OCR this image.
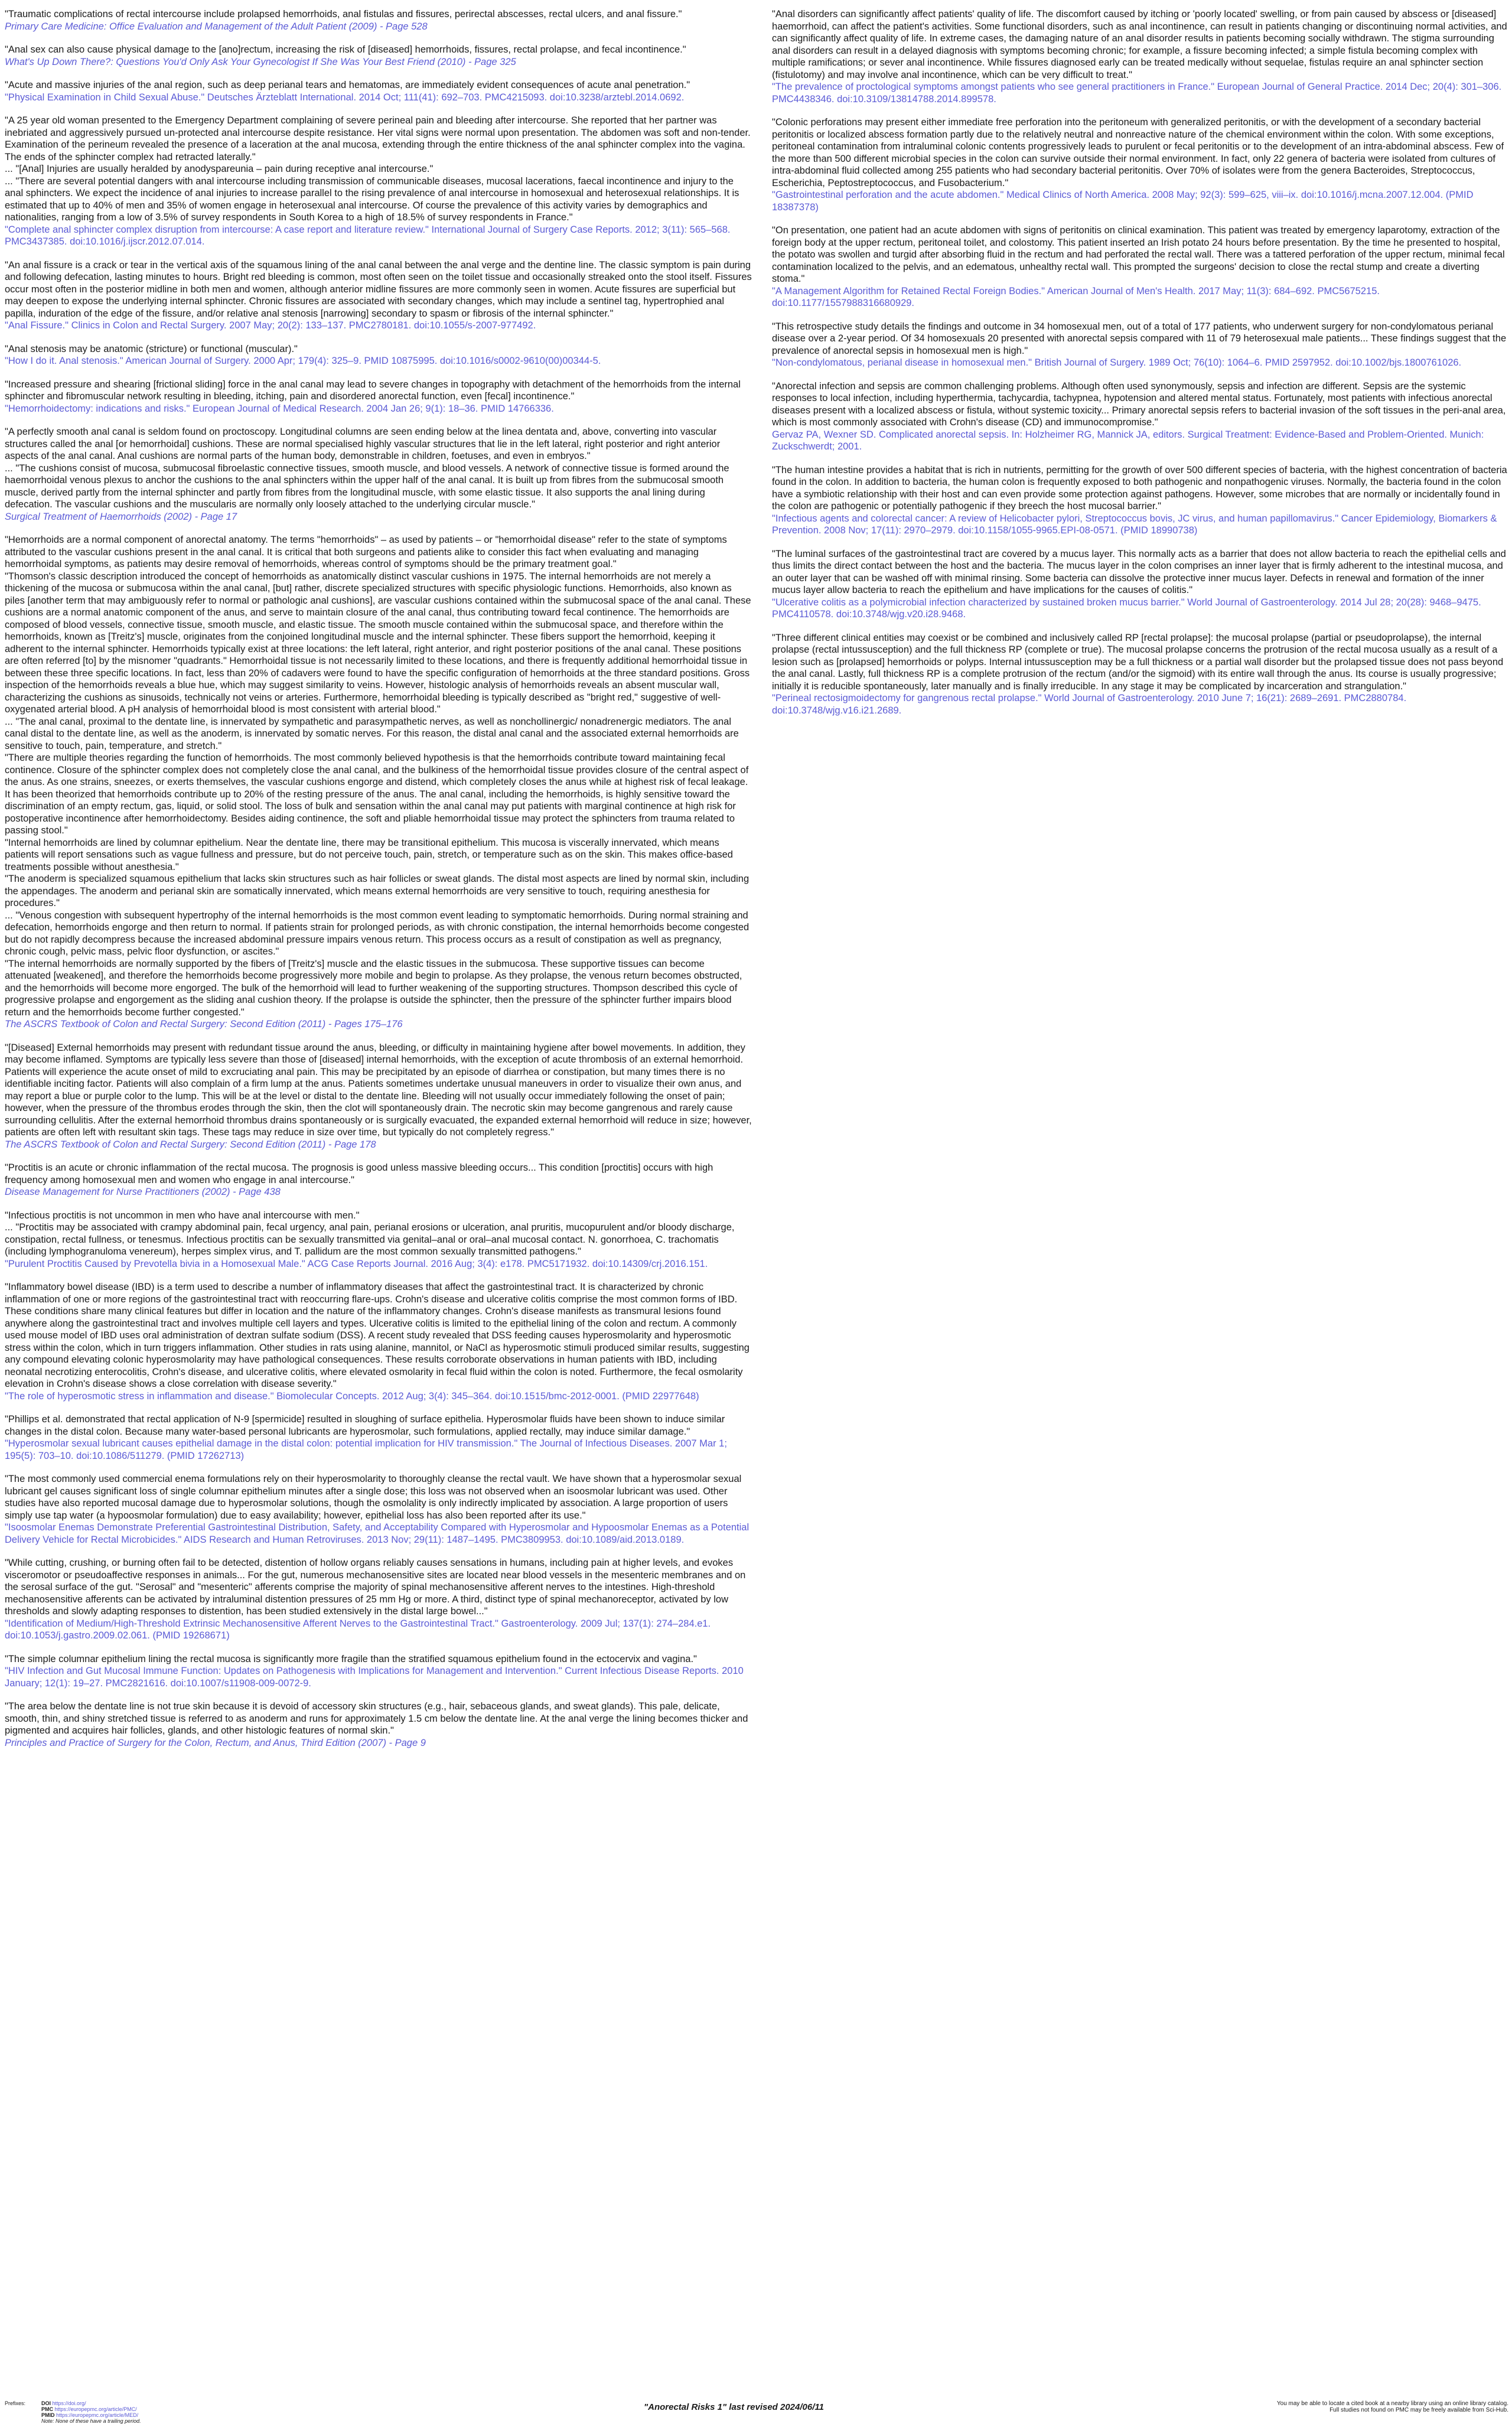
"Traumatic complications of rectal intercourse include prolapsed hemorrhoids, anal fistulas and fissures, perirectal abscesses, rectal ulcers, and anal fissure."

Primary Care Medicine: Office Evaluation and Management of the Adult Patient (2009) - Page 528

"Anal sex can also cause physical damage to the [ano]rectum, increasing the risk of [diseased] hemorrhoids, fissures, rectal prolapse, and fecal incontinence."

What's Up Down There?: Questions You'd Only Ask Your Gynecologist If She Was Your Best Friend (2010) - Page 325

"Acute and massive injuries of the anal region, such as deep perianal tears and hematomas, are immediately evident consequences of acute anal penetration."

"Physical Examination in Child Sexual Abuse." Deutsches Ärzteblatt International. 2014 Oct; 111(41): 692–703. PMC4215093. doi:10.3238/arztebl.2014.0692.

"A 25 year old woman presented to the Emergency Department complaining of severe perineal pain and bleeding after intercourse. She reported that her partner was inebriated and aggressively pursued un-protected anal intercourse despite resistance. Her vital signs were normal upon presentation. The abdomen was soft and non-tender. Examination of the perineum revealed the presence of a laceration at the anal mucosa, extending through the entire thickness of the anal sphincter complex into the vagina. The ends of the sphincter complex had retracted laterally."

... "[Anal] Injuries are usually heralded by anodyspareunia – pain during receptive anal intercourse."

... "There are several potential dangers with anal intercourse including transmission of communicable diseases, mucosal lacerations, faecal incontinence and injury to the anal sphincters. We expect the incidence of anal injuries to increase parallel to the rising prevalence of anal intercourse in homosexual and heterosexual relationships. It is estimated that up to 40% of men and 35% of women engage in heterosexual anal intercourse. Of course the prevalence of this activity varies by demographics and nationalities, ranging from a low of 3.5% of survey respondents in South Korea to a high of 18.5% of survey respondents in France."

"Complete anal sphincter complex disruption from intercourse: A case report and literature review." International Journal of Surgery Case Reports. 2012; 3(11): 565–568. PMC3437385. doi:10.1016/j.ijscr.2012.07.014.

"An anal fissure is a crack or tear in the vertical axis of the squamous lining of the anal canal between the anal verge and the dentine line. The classic symptom is pain during and following defecation, lasting minutes to hours. Bright red bleeding is common, most often seen on the toilet tissue and occasionally streaked onto the stool itself. Fissures occur most often in the posterior midline in both men and women, although anterior midline fissures are more commonly seen in women. Acute fissures are superficial but may deepen to expose the underlying internal sphincter. Chronic fissures are associated with secondary changes, which may include a sentinel tag, hypertrophied anal papilla, induration of the edge of the fissure, and/or relative anal stenosis [narrowing] secondary to spasm or fibrosis of the internal sphincter."

"Anal Fissure." Clinics in Colon and Rectal Surgery. 2007 May; 20(2): 133–137. PMC2780181. doi:10.1055/s-2007-977492.

"Anal stenosis may be anatomic (stricture) or functional (muscular)."

"How I do it. Anal stenosis." American Journal of Surgery. 2000 Apr; 179(4): 325–9. PMID 10875995. doi:10.1016/s0002-9610(00)00344-5.

"Increased pressure and shearing [frictional sliding] force in the anal canal may lead to severe changes in topography with detachment of the hemorrhoids from the internal sphincter and fibromuscular network resulting in bleeding, itching, pain and disordered anorectal function, even [fecal] incontinence."

"Hemorrhoidectomy: indications and risks." European Journal of Medical Research. 2004 Jan 26; 9(1): 18–36. PMID 14766336.

"A perfectly smooth anal canal is seldom found on proctoscopy. Longitudinal columns are seen ending below at the linea dentata and, above, converting into vascular structures called the anal [or hemorrhoidal] cushions. These are normal specialised highly vascular structures that lie in the left lateral, right posterior and right anterior aspects of the anal canal. Anal cushions are normal parts of the human body, demonstrable in children, foetuses, and even in embryos."

... "The cushions consist of mucosa, submucosal fibroelastic connective tissues, smooth muscle, and blood vessels. A network of connective tissue is formed around the haemorrhoidal venous plexus to anchor the cushions to the anal sphincters within the upper half of the anal canal. It is built up from fibres from the submucosal smooth muscle, derived partly from the internal sphincter and partly from fibres from the longitudinal muscle, with some elastic tissue. It also supports the anal lining during defecation. The vascular cushions and the muscularis are normally only loosely attached to the underlying circular muscle."

Surgical Treatment of Haemorrhoids (2002) - Page 17

"Hemorrhoids are a normal component of anorectal anatomy. The terms "hemorrhoids" – as used by patients – or "hemorrhoidal disease" refer to the state of symptoms attributed to the vascular cushions present in the anal canal. It is critical that both surgeons and patients alike to consider this fact when evaluating and managing hemorrhoidal symptoms, as patients may desire removal of hemorrhoids, whereas control of symptoms should be the primary treatment goal."

"Thomson's classic description introduced the concept of hemorrhoids as anatomically distinct vascular cushions in 1975. The internal hemorrhoids are not merely a thickening of the mucosa or submucosa within the anal canal, [but] rather, discrete specialized structures with specific physiologic functions. Hemorrhoids, also known as piles [another term that may ambiguously refer to normal or pathologic anal cushions], are vascular cushions contained within the submucosal space of the anal canal. These cushions are a normal anatomic component of the anus, and serve to maintain closure of the anal canal, thus contributing toward fecal continence. The hemorrhoids are composed of blood vessels, connective tissue, smooth muscle, and elastic tissue. The smooth muscle contained within the submucosal space, and therefore within the hemorrhoids, known as [Treitz's] muscle, originates from the conjoined longitudinal muscle and the internal sphincter. These fibers support the hemorrhoid, keeping it adherent to the internal sphincter. Hemorrhoids typically exist at three locations: the left lateral, right anterior, and right posterior positions of the anal canal. These positions are often referred [to] by the misnomer "quadrants." Hemorrhoidal tissue is not necessarily limited to these locations, and there is frequently additional hemorrhoidal tissue in between these three specific locations. In fact, less than 20% of cadavers were found to have the specific configuration of hemorrhoids at the three standard positions. Gross inspection of the hemorrhoids reveals a blue hue, which may suggest similarity to veins. However, histologic analysis of hemorrhoids reveals an absent muscular wall, characterizing the cushions as sinusoids, technically not veins or arteries. Furthermore, hemorrhoidal bleeding is typically described as "bright red," suggestive of well-oxygenated arterial blood. A pH analysis of hemorrhoidal blood is most consistent with arterial blood."

... "The anal canal, proximal to the dentate line, is innervated by sympathetic and parasympathetic nerves, as well as nonchollinergic/ nonadrenergic mediators. The anal canal distal to the dentate line, as well as the anoderm, is innervated by somatic nerves. For this reason, the distal anal canal and the associated external hemorrhoids are sensitive to touch, pain, temperature, and stretch."

"There are multiple theories regarding the function of hemorrhoids. The most commonly believed hypothesis is that the hemorrhoids contribute toward maintaining fecal continence. Closure of the sphincter complex does not completely close the anal canal, and the bulkiness of the hemorrhoidal tissue provides closure of the central aspect of the anus. As one strains, sneezes, or exerts themselves, the vascular cushions engorge and distend, which completely closes the anus while at highest risk of fecal leakage. It has been theorized that hemorrhoids contribute up to 20% of the resting pressure of the anus. The anal canal, including the hemorrhoids, is highly sensitive toward the discrimination of an empty rectum, gas, liquid, or solid stool. The loss of bulk and sensation within the anal canal may put patients with marginal continence at high risk for postoperative incontinence after hemorrhoidectomy. Besides aiding continence, the soft and pliable hemorrhoidal tissue may protect the sphincters from trauma related to passing stool."

"Internal hemorrhoids are lined by columnar epithelium. Near the dentate line, there may be transitional epithelium. This mucosa is viscerally innervated, which means patients will report sensations such as vague fullness and pressure, but do not perceive touch, pain, stretch, or temperature such as on the skin. This makes office-based treatments possible without anesthesia."

"The anoderm is specialized squamous epithelium that lacks skin structures such as hair follicles or sweat glands. The distal most aspects are lined by normal skin, including the appendages. The anoderm and perianal skin are somatically innervated, which means external hemorrhoids are very sensitive to touch, requiring anesthesia for procedures."

... "Venous congestion with subsequent hypertrophy of the internal hemorrhoids is the most common event leading to symptomatic hemorrhoids. During normal straining and defecation, hemorrhoids engorge and then return to normal. If patients strain for prolonged periods, as with chronic constipation, the internal hemorrhoids become congested but do not rapidly decompress because the increased abdominal pressure impairs venous return. This process occurs as a result of constipation as well as pregnancy, chronic cough, pelvic mass, pelvic floor dysfunction, or ascites."

"The internal hemorrhoids are normally supported by the fibers of [Treitz's] muscle and the elastic tissues in the submucosa. These supportive tissues can become attenuated [weakened], and therefore the hemorrhoids become progressively more mobile and begin to prolapse. As they prolapse, the venous return becomes obstructed, and the hemorrhoids will become more engorged. The bulk of the hemorrhoid will lead to further weakening of the supporting structures. Thompson described this cycle of progressive prolapse and engorgement as the sliding anal cushion theory. If the prolapse is outside the sphincter, then the pressure of the sphincter further impairs blood return and the hemorrhoids become further congested."

The ASCRS Textbook of Colon and Rectal Surgery: Second Edition (2011) - Pages 175–176

"[Diseased] External hemorrhoids may present with redundant tissue around the anus, bleeding, or difficulty in maintaining hygiene after bowel movements. In addition, they may become inflamed. Symptoms are typically less severe than those of [diseased] internal hemorrhoids, with the exception of acute thrombosis of an external hemorrhoid. Patients will experience the acute onset of mild to excruciating anal pain. This may be precipitated by an episode of diarrhea or constipation, but many times there is no identifiable inciting factor. Patients will also complain of a firm lump at the anus. Patients sometimes undertake unusual maneuvers in order to visualize their own anus, and may report a blue or purple color to the lump. This will be at the level or distal to the dentate line. Bleeding will not usually occur immediately following the onset of pain; however, when the pressure of the thrombus erodes through the skin, then the clot will spontaneously drain. The necrotic skin may become gangrenous and rarely cause surrounding cellulitis. After the external hemorrhoid thrombus drains spontaneously or is surgically evacuated, the expanded external hemorrhoid will reduce in size; however, patients are often left with resultant skin tags. These tags may reduce in size over time, but typically do not completely regress."

The ASCRS Textbook of Colon and Rectal Surgery: Second Edition (2011) - Page 178

"Proctitis is an acute or chronic inflammation of the rectal mucosa. The prognosis is good unless massive bleeding occurs... This condition [proctitis] occurs with high frequency among homosexual men and women who engage in anal intercourse."

Disease Management for Nurse Practitioners (2002) - Page 438

"Infectious proctitis is not uncommon in men who have anal intercourse with men."

... "Proctitis may be associated with crampy abdominal pain, fecal urgency, anal pain, perianal erosions or ulceration, anal pruritis, mucopurulent and/or bloody discharge, constipation, rectal fullness, or tenesmus. Infectious proctitis can be sexually transmitted via genital–anal or oral–anal mucosal contact. N. gonorrhoea, C. trachomatis (including lymphogranuloma venereum), herpes simplex virus, and T. pallidum are the most common sexually transmitted pathogens."

"Purulent Proctitis Caused by Prevotella bivia in a Homosexual Male." ACG Case Reports Journal. 2016 Aug; 3(4): e178. PMC5171932. doi:10.14309/crj.2016.151.

"Inflammatory bowel disease (IBD) is a term used to describe a number of inflammatory diseases that affect the gastrointestinal tract. It is characterized by chronic inflammation of one or more regions of the gastrointestinal tract with reoccurring flare-ups. Crohn's disease and ulcerative colitis comprise the most common forms of IBD. These conditions share many clinical features but differ in location and the nature of the inflammatory changes. Crohn's disease manifests as transmural lesions found anywhere along the gastrointestinal tract and involves multiple cell layers and types. Ulcerative colitis is limited to the epithelial lining of the colon and rectum. A commonly used mouse model of IBD uses oral administration of dextran sulfate sodium (DSS). A recent study revealed that DSS feeding causes hyperosmolarity and hyperosmotic stress within the colon, which in turn triggers inflammation. Other studies in rats using alanine, mannitol, or NaCl as hyperosmotic stimuli produced similar results, suggesting any compound elevating colonic hyperosmolarity may have pathological consequences. These results corroborate observations in human patients with IBD, including neonatal necrotizing enterocolitis, Crohn's disease, and ulcerative colitis, where elevated osmolarity in fecal fluid within the colon is noted. Furthermore, the fecal osmolarity elevation in Crohn's disease shows a close correlation with disease severity."

"The role of hyperosmotic stress in inflammation and disease." Biomolecular Concepts. 2012 Aug; 3(4): 345–364. doi:10.1515/bmc-2012-0001. (PMID 22977648)

"Phillips et al. demonstrated that rectal application of N-9 [spermicide] resulted in sloughing of surface epithelia. Hyperosmolar fluids have been shown to induce similar changes in the distal colon. Because many water-based personal lubricants are hyperosmolar, such formulations, applied rectally, may induce similar damage."

"Hyperosmolar sexual lubricant causes epithelial damage in the distal colon: potential implication for HIV transmission." The Journal of Infectious Diseases. 2007 Mar 1; 195(5): 703–10. doi:10.1086/511279. (PMID 17262713)

"The most commonly used commercial enema formulations rely on their hyperosmolarity to thoroughly cleanse the rectal vault. We have shown that a hyperosmolar sexual lubricant gel causes significant loss of single columnar epithelium minutes after a single dose; this loss was not observed when an isoosmolar lubricant was used. Other studies have also reported mucosal damage due to hyperosmolar solutions, though the osmolality is only indirectly implicated by association. A large proportion of users simply use tap water (a hypoosmolar formulation) due to easy availability; however, epithelial loss has also been reported after its use."

"Isoosmolar Enemas Demonstrate Preferential Gastrointestinal Distribution, Safety, and Acceptability Compared with Hyperosmolar and Hypoosmolar Enemas as a Potential Delivery Vehicle for Rectal Microbicides." AIDS Research and Human Retroviruses. 2013 Nov; 29(11): 1487–1495. PMC3809953. doi:10.1089/aid.2013.0189.

"While cutting, crushing, or burning often fail to be detected, distention of hollow organs reliably causes sensations in humans, including pain at higher levels, and evokes visceromotor or pseudoaffective responses in animals... For the gut, numerous mechanosensitive sites are located near blood vessels in the mesenteric membranes and on the serosal surface of the gut. "Serosal" and "mesenteric" afferents comprise the majority of spinal mechanosensitive afferent nerves to the intestines. High-threshold mechanosensitive afferents can be activated by intraluminal distention pressures of 25 mm Hg or more. A third, distinct type of spinal mechanoreceptor, activated by low thresholds and slowly adapting responses to distention, has been studied extensively in the distal large bowel..."

"Identification of Medium/High-Threshold Extrinsic Mechanosensitive Afferent Nerves to the Gastrointestinal Tract." Gastroenterology. 2009 Jul; 137(1): 274–284.e1. doi:10.1053/j.gastro.2009.02.061. (PMID 19268671)

"The simple columnar epithelium lining the rectal mucosa is significantly more fragile than the stratified squamous epithelium found in the ectocervix and vagina."

"HIV Infection and Gut Mucosal Immune Function: Updates on Pathogenesis with Implications for Management and Intervention." Current Infectious Disease Reports. 2010 January; 12(1): 19–27. PMC2821616. doi:10.1007/s11908-009-0072-9.

"The area below the dentate line is not true skin because it is devoid of accessory skin structures (e.g., hair, sebaceous glands, and sweat glands). This pale, delicate, smooth, thin, and shiny stretched tissue is referred to as anoderm and runs for approximately 1.5 cm below the dentate line. At the anal verge the lining becomes thicker and pigmented and acquires hair follicles, glands, and other histologic features of normal skin."

Principles and Practice of Surgery for the Colon, Rectum, and Anus, Third Edition (2007) - Page 9

"Anal disorders can significantly affect patients' quality of life. The discomfort caused by itching or 'poorly located' swelling, or from pain caused by abscess or [diseased] haemorrhoid, can affect the patient's activities. Some functional disorders, such as anal incontinence, can result in patients changing or discontinuing normal activities, and can significantly affect quality of life. In extreme cases, the damaging nature of an anal disorder results in patients becoming socially withdrawn. The stigma surrounding anal disorders can result in a delayed diagnosis with symptoms becoming chronic; for example, a fissure becoming infected; a simple fistula becoming complex with multiple ramifications; or sever anal incontinence. While fissures diagnosed early can be treated medically without sequelae, fistulas require an anal sphincter section (fistulotomy) and may involve anal incontinence, which can be very difficult to treat."

"The prevalence of proctological symptoms amongst patients who see general practitioners in France." European Journal of General Practice. 2014 Dec; 20(4): 301–306. PMC4438346. doi:10.3109/13814788.2014.899578.

"Colonic perforations may present either immediate free perforation into the peritoneum with generalized peritonitis, or with the development of a secondary bacterial peritonitis or localized abscess formation partly due to the relatively neutral and nonreactive nature of the chemical environment within the colon. With some exceptions, peritoneal contamination from intraluminal colonic contents progressively leads to purulent or fecal peritonitis or to the development of an intra-abdominal abscess. Few of the more than 500 different microbial species in the colon can survive outside their normal environment. In fact, only 22 genera of bacteria were isolated from cultures of intra-abdominal fluid collected among 255 patients who had secondary bacterial peritonitis. Over 70% of isolates were from the genera Bacteroides, Streptococcus, Escherichia, Peptostreptococcus, and Fusobacterium."

"Gastrointestinal perforation and the acute abdomen." Medical Clinics of North America. 2008 May; 92(3): 599–625, viii–ix. doi:10.1016/j.mcna.2007.12.004. (PMID 18387378)

"On presentation, one patient had an acute abdomen with signs of peritonitis on clinical examination. This patient was treated by emergency laparotomy, extraction of the foreign body at the upper rectum, peritoneal toilet, and colostomy. This patient inserted an Irish potato 24 hours before presentation. By the time he presented to hospital, the potato was swollen and turgid after absorbing fluid in the rectum and had perforated the rectal wall. There was a tattered perforation of the upper rectum, minimal fecal contamination localized to the pelvis, and an edematous, unhealthy rectal wall. This prompted the surgeons' decision to close the rectal stump and create a diverting stoma."

"A Management Algorithm for Retained Rectal Foreign Bodies." American Journal of Men's Health. 2017 May; 11(3): 684–692. PMC5675215. doi:10.1177/1557988316680929.

"This retrospective study details the findings and outcome in 34 homosexual men, out of a total of 177 patients, who underwent surgery for non-condylomatous perianal disease over a 2-year period. Of 34 homosexuals 20 presented with anorectal sepsis compared with 11 of 79 heterosexual male patients... These findings suggest that the prevalence of anorectal sepsis in homosexual men is high."

"Non-condylomatous, perianal disease in homosexual men." British Journal of Surgery. 1989 Oct; 76(10): 1064–6. PMID 2597952. doi:10.1002/bjs.1800761026.

"Anorectal infection and sepsis are common challenging problems. Although often used synonymously, sepsis and infection are different. Sepsis are the systemic responses to local infection, including hyperthermia, tachycardia, tachypnea, hypotension and altered mental status. Fortunately, most patients with infectious anorectal diseases present with a localized abscess or fistula, without systemic toxicity... Primary anorectal sepsis refers to bacterial invasion of the soft tissues in the peri-anal area, which is most commonly associated with Crohn's disease (CD) and immunocompromise."

Gervaz PA, Wexner SD. Complicated anorectal sepsis. In: Holzheimer RG, Mannick JA, editors. Surgical Treatment: Evidence-Based and Problem-Oriented. Munich: Zuckschwerdt; 2001.

"The human intestine provides a habitat that is rich in nutrients, permitting for the growth of over 500 different species of bacteria, with the highest concentration of bacteria found in the colon. In addition to bacteria, the human colon is frequently exposed to both pathogenic and nonpathogenic viruses. Normally, the bacteria found in the colon have a symbiotic relationship with their host and can even provide some protection against pathogens. However, some microbes that are normally or incidentally found in the colon are pathogenic or potentially pathogenic if they breech the host mucosal barrier."

"Infectious agents and colorectal cancer: A review of Helicobacter pylori, Streptococcus bovis, JC virus, and human papillomavirus." Cancer Epidemiology, Biomarkers & Prevention. 2008 Nov; 17(11): 2970–2979. doi:10.1158/1055-9965.EPI-08-0571. (PMID 18990738)

"The luminal surfaces of the gastrointestinal tract are covered by a mucus layer. This normally acts as a barrier that does not allow bacteria to reach the epithelial cells and thus limits the direct contact between the host and the bacteria. The mucus layer in the colon comprises an inner layer that is firmly adherent to the intestinal mucosa, and an outer layer that can be washed off with minimal rinsing. Some bacteria can dissolve the protective inner mucus layer. Defects in renewal and formation of the inner mucus layer allow bacteria to reach the epithelium and have implications for the causes of colitis."

"Ulcerative colitis as a polymicrobial infection characterized by sustained broken mucus barrier." World Journal of Gastroenterology. 2014 Jul 28; 20(28): 9468–9475. PMC4110578. doi:10.3748/wjg.v20.i28.9468.

"Three different clinical entities may coexist or be combined and inclusively called RP [rectal prolapse]: the mucosal prolapse (partial or pseudoprolapse), the internal prolapse (rectal intussusception) and the full thickness RP (complete or true). The mucosal prolapse concerns the protrusion of the rectal mucosa usually as a result of a lesion such as [prolapsed] hemorrhoids or polyps. Internal intussusception may be a full thickness or a partial wall disorder but the prolapsed tissue does not pass beyond the anal canal. Lastly, full thickness RP is a complete protrusion of the rectum (and/or the sigmoid) with its entire wall through the anus. Its course is usually progressive; initially it is reducible spontaneously, later manually and is finally irreducible. In any stage it may be complicated by incarceration and strangulation."

"Perineal rectosigmoidectomy for gangrenous rectal prolapse." World Journal of Gastroenterology. 2010 June 7; 16(21): 2689–2691. PMC2880784. doi:10.3748/wjg.v16.i21.2689.

Prefixes:	DOI https://doi.org/
PMC https://europepmc.org/article/PMC/
PMID https://europepmc.org/article/MED/
Note: None of these have a trailing period.
"Anorectal Risks 1" last revised 2024/06/11	You may be able to locate a cited book at a nearby library using an online library catalog.
Full studies not found on PMC may be freely available from Sci-Hub.
